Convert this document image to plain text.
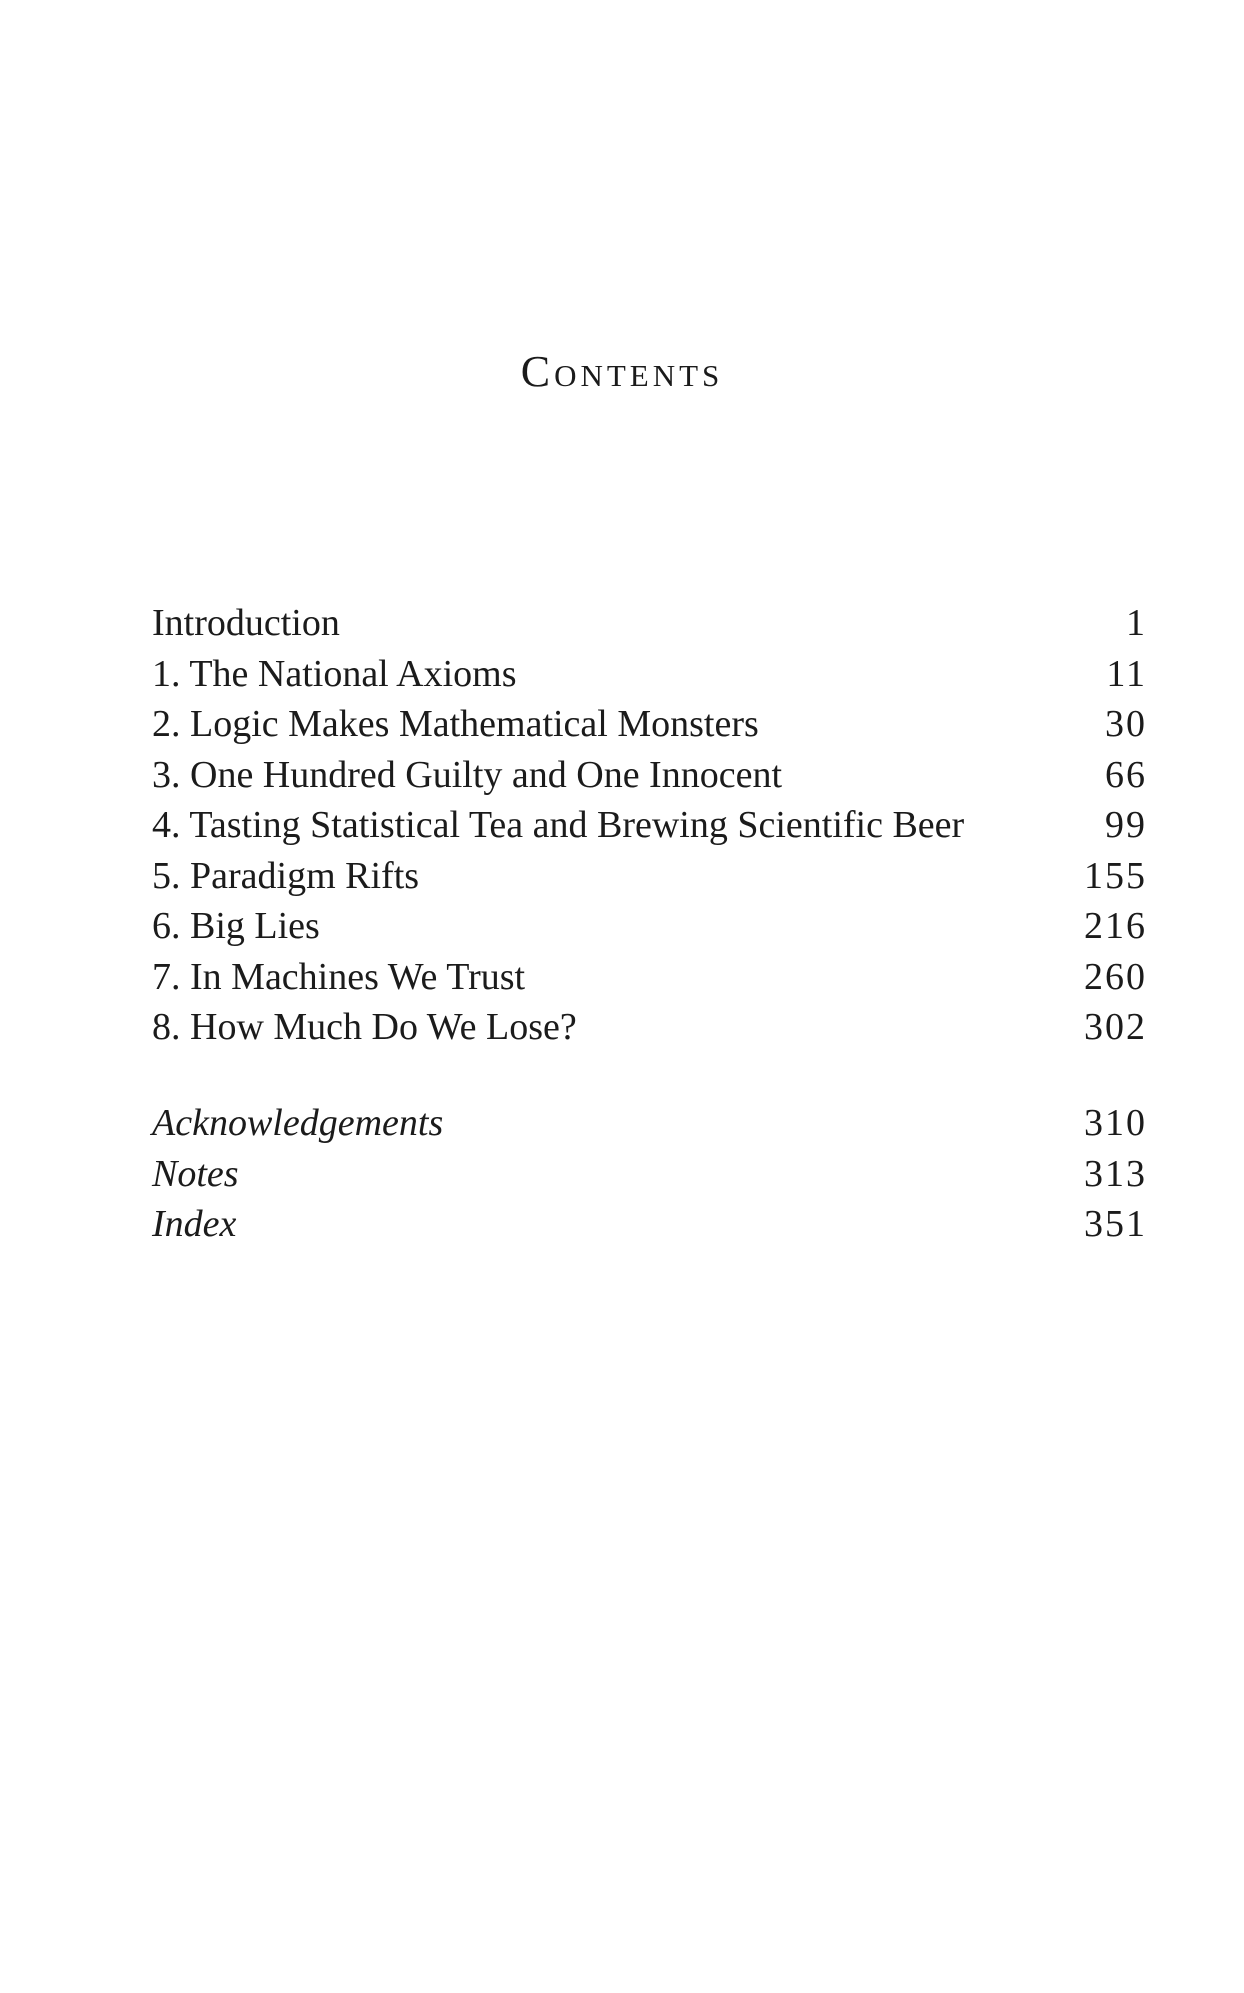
Contents
Introduction	1
1. The National Axioms	11
2. Logic Makes Mathematical Monsters	30
3. One Hundred Guilty and One Innocent	66
4. Tasting Statistical Tea and Brewing Scientific Beer	99
5. Paradigm Rifts	155
6. Big Lies	216
7. In Machines We Trust	260
8. How Much Do We Lose?	302
Acknowledgements	310
Notes	313
Index	351
